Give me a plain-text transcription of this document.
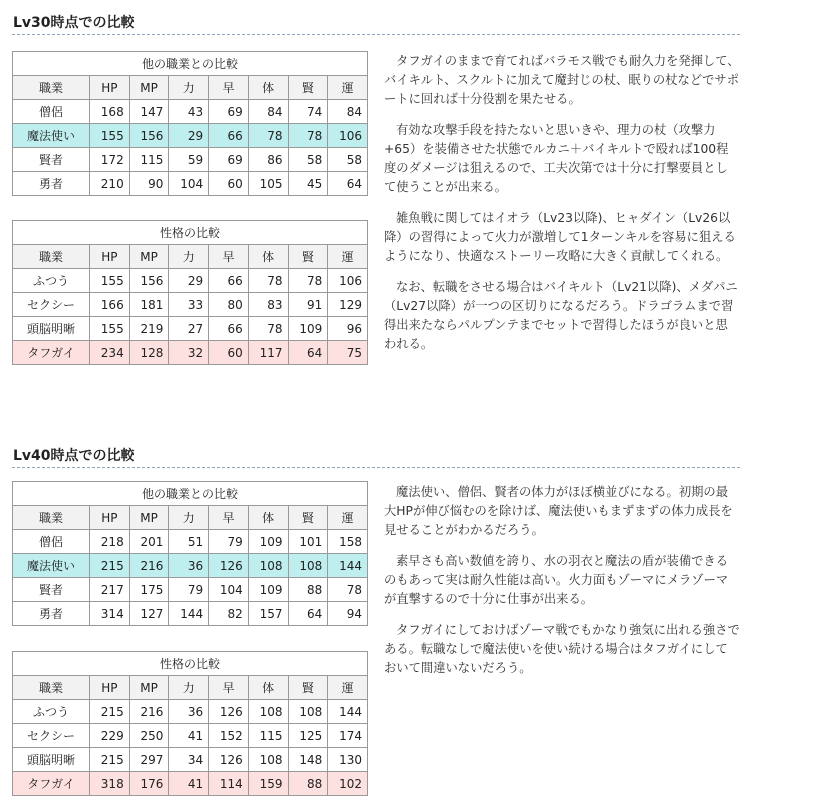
Lv30時点での比較
他の職業との比較							
職業	HP	MP	力	早	体	賢	運
僧侶	168	147	43	69	84	74	84
魔法使い	155	156	29	66	78	78	106
賢者	172	115	59	69	86	58	58
勇者	210	90	104	60	105	45	64
性格の比較							
職業	HP	MP	力	早	体	賢	運
ふつう	155	156	29	66	78	78	106
セクシー	166	181	33	80	83	91	129
頭脳明晰	155	219	27	66	78	109	96
タフガイ	234	128	32	60	117	64	75

タフガイのままで育てればバラモス戦でも耐久力を発揮して、バイキルト、スクルトに加えて魔封じの杖、眠りの杖などでサポートに回れば十分役割を果たせる。

有効な攻撃手段を持たないと思いきや、理力の杖（攻撃力+65）を装備させた状態でルカニ＋バイキルトで殴れば100程度のダメージは狙えるので、工夫次第では十分に打撃要員として使うことが出来る。

雑魚戦に関してはイオラ（Lv23以降)、ヒャダイン（Lv26以降）の習得によって火力が激増して1ターンキルを容易に狙えるようになり、快適なストーリー攻略に大きく貢献してくれる。

なお、転職をさせる場合はバイキルト（Lv21以降)、メダパニ（Lv27以降）が一つの区切りになるだろう。ドラゴラムまで習得出来たならパルプンテまでセットで習得したほうが良いと思われる。

Lv40時点での比較
他の職業との比較							
職業	HP	MP	力	早	体	賢	運
僧侶	218	201	51	79	109	101	158
魔法使い	215	216	36	126	108	108	144
賢者	217	175	79	104	109	88	78
勇者	314	127	144	82	157	64	94
性格の比較							
職業	HP	MP	力	早	体	賢	運
ふつう	215	216	36	126	108	108	144
セクシー	229	250	41	152	115	125	174
頭脳明晰	215	297	34	126	108	148	130
タフガイ	318	176	41	114	159	88	102

魔法使い、僧侶、賢者の体力がほぼ横並びになる。初期の最大HPが伸び悩むのを除けば、魔法使いもまずまずの体力成長を見せることがわかるだろう。

素早さも高い数値を誇り、水の羽衣と魔法の盾が装備できるのもあって実は耐久性能は高い。火力面もゾーマにメラゾーマが直撃するので十分に仕事が出来る。

タフガイにしておけばゾーマ戦でもかなり強気に出れる強さである。転職なしで魔法使いを使い続ける場合はタフガイにしておいて間違いないだろう。
